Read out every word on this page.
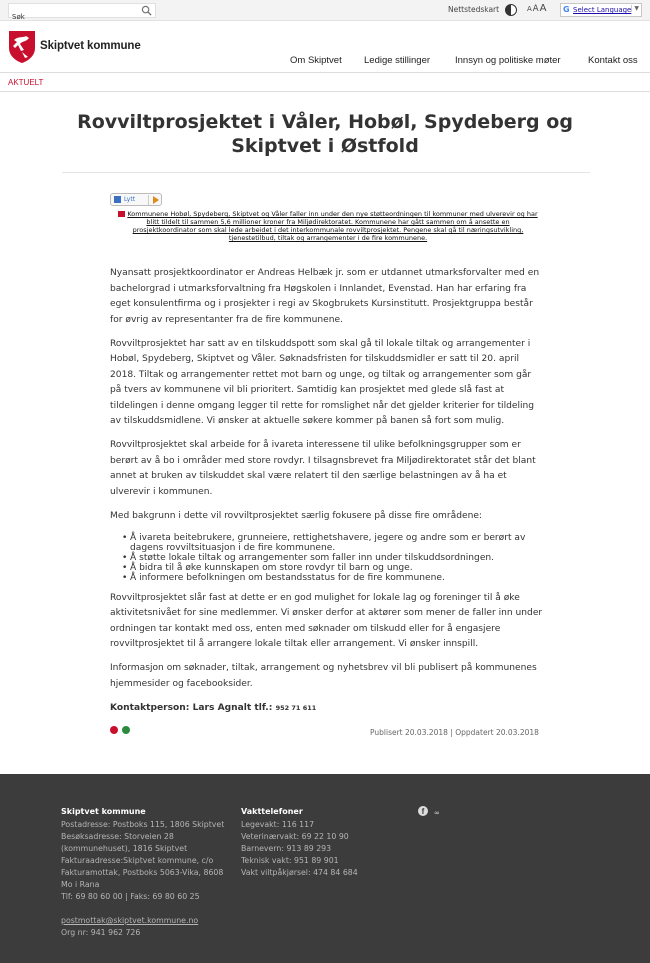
Søk
Nettstedskart	AAA G Select Language ▼
Skiptvet kommune
Om Skiptvet Ledige stillinger	Innsyn og politiske møter	Kontakt oss
AKTUELT
Rovviltprosjektet i Våler, Hobøl, Spydeberg og Skiptvet i Østfold
Lytt
Kommunene Hobøl, Spydeberg, Skiptvet og Våler faller inn under den nye støtteordningen til kommuner med ulverevir og har blitt tildelt til sammen 5,6 millioner kroner fra Miljødirektoratet. Kommunene har gått sammen om å ansette en prosjektkoordinator som skal lede arbeidet i det interkommunale rovviltprosjektet. Pengene skal gå til næringsutvikling, tjenestetilbud, tiltak og arrangementer i de fire kommunene.

Nyansatt prosjektkoordinator er Andreas Helbæk jr. som er utdannet utmarksforvalter med en bachelorgrad i utmarksforvaltning fra Høgskolen i Innlandet, Evenstad. Han har erfaring fra eget konsulentfirma og i prosjekter i regi av Skogbrukets Kursinstitutt. Prosjektgruppa består for øvrig av representanter fra de fire kommunene.

Rovviltprosjektet har satt av en tilskuddspott som skal gå til lokale tiltak og arrangementer i Hobøl, Spydeberg, Skiptvet og Våler. Søknadsfristen for tilskuddsmidler er satt til 20. april 2018. Tiltak og arrangementer rettet mot barn og unge, og tiltak og arrangementer som går på tvers av kommunene vil bli prioritert. Samtidig kan prosjektet med glede slå fast at tildelingen i denne omgang legger til rette for romslighet når det gjelder kriterier for tildeling av tilskuddsmidlene. Vi ønsker at aktuelle søkere kommer på banen så fort som mulig.

Rovviltprosjektet skal arbeide for å ivareta interessene til ulike befolkningsgrupper som er berørt av å bo i områder med store rovdyr. I tilsagnsbrevet fra Miljødirektoratet står det blant annet at bruken av tilskuddet skal være relatert til den særlige belastningen av å ha et ulverevir i kommunen.

Med bakgrunn i dette vil rovviltprosjektet særlig fokusere på disse fire områdene:

• Å ivareta beitebrukere, grunneiere, rettighetshavere, jegere og andre som er berørt av dagens rovviltsituasjon i de fire kommunene.
• Å støtte lokale tiltak og arrangementer som faller inn under tilskuddsordningen.
• Å bidra til å øke kunnskapen om store rovdyr til barn og unge.
• Å informere befolkningen om bestandsstatus for de fire kommunene.

Rovviltprosjektet slår fast at dette er en god mulighet for lokale lag og foreninger til å øke aktivitetsnivået for sine medlemmer. Vi ønsker derfor at aktører som mener de faller inn under ordningen tar kontakt med oss, enten med søknader om tilskudd eller for å engasjere rovviltprosjektet til å arrangere lokale tiltak eller arrangement. Vi ønsker innspill.

Informasjon om søknader, tiltak, arrangement og nyhetsbrev vil bli publisert på kommunenes hjemmesider og facebooksider.

Kontaktperson: Lars Agnalt tlf.: 952 71 611

Publisert 20.03.2018 | Oppdatert 20.03.2018
Skiptvet kommune
Postadresse: Postboks 115, 1806 Skiptvet
Besøksadresse: Storveien 28
(kommunehuset), 1816 Skiptvet
Fakturaadresse:Skiptvet kommune, c/o
Fakturamottak, Postboks 5063-Vika, 8608
Mo i Rana
Tlf: 69 80 60 00 | Faks: 69 80 60 25
postmottak@skiptvet.kommune.no
Org nr: 941 962 726
Vakttelefoner
Legevakt: 116 117
Veterinærvakt: 69 22 10 90
Barnevern: 913 89 293
Teknisk vakt: 951 89 901
Vakt viltpåkjørsel: 474 84 684
f	∞
